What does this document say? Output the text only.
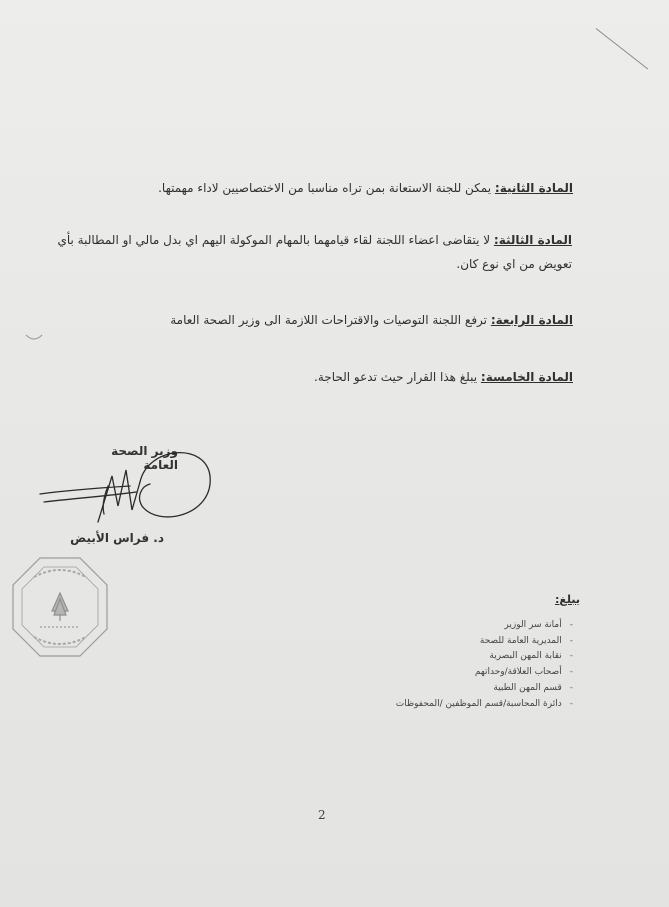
المادة الثانية: يمكن للجنة الاستعانة بمن تراه مناسبا من الاختصاصيين لاداء مهمتها.
المادة الثالثة: لا يتقاضى اعضاء اللجنة لقاء قيامهما بالمهام الموكولة اليهم اي بدل مالي او المطالبة بأي تعويض من اي نوع كان.
المادة الرابعة: ترفع اللجنة التوصيات والاقتراحات اللازمة الى وزير الصحة العامة
المادة الخامسة: يبلغ هذا القرار حيث تدعو الحاجة.
وزير الصحة العامة
د. فراس الأبيض
يبلغ:
- أمانة سر الوزير
- المديرية العامة للصحة
- نقابة المهن البصرية
- أصحاب العلاقة/وحداتهم
- قسم المهن الطبية
- دائرة المحاسبة/قسم الموظفين /المحفوظات
2
